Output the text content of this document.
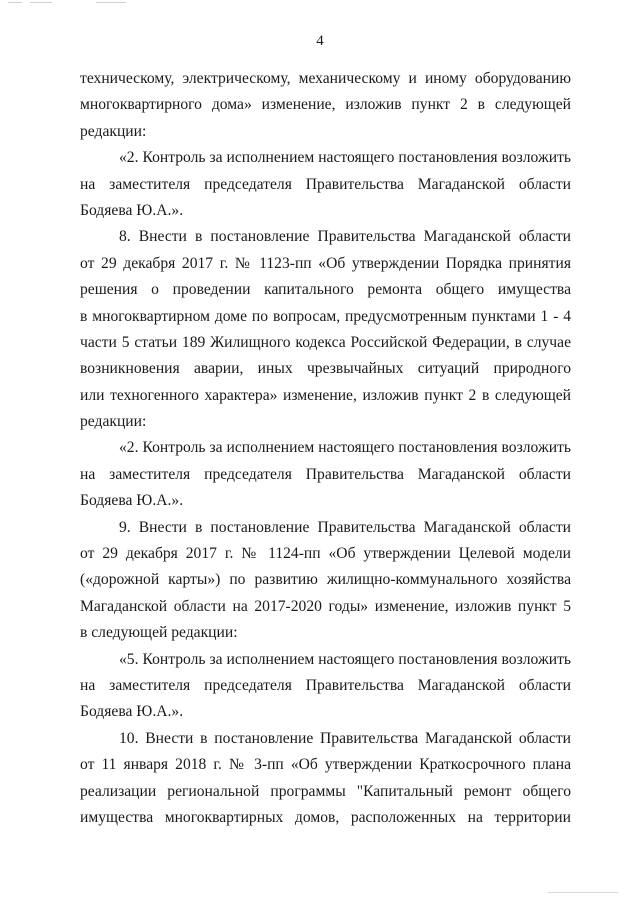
4
техническому, электрическому, механическому и иному оборудованию
многоквартирного дома» изменение, изложив пункт 2 в следующей
редакции:
«2. Контроль за исполнением настоящего постановления возложить
на заместителя председателя Правительства Магаданской области
Бодяева Ю.А.».
8. Внести в постановление Правительства Магаданской области
от 29 декабря 2017 г. № 1123-пп «Об утверждении Порядка принятия
решения о проведении капитального ремонта общего имущества
в многоквартирном доме по вопросам, предусмотренным пунктами 1 - 4
части 5 статьи 189 Жилищного кодекса Российской Федерации, в случае
возникновения аварии, иных чрезвычайных ситуаций природного
или техногенного характера» изменение, изложив пункт 2 в следующей
редакции:
«2. Контроль за исполнением настоящего постановления возложить
на заместителя председателя Правительства Магаданской области
Бодяева Ю.А.».
9. Внести в постановление Правительства Магаданской области
от 29 декабря 2017 г. № 1124-пп «Об утверждении Целевой модели
(«дорожной карты») по развитию жилищно-коммунального хозяйства
Магаданской области на 2017-2020 годы» изменение, изложив пункт 5
в следующей редакции:
«5. Контроль за исполнением настоящего постановления возложить
на заместителя председателя Правительства Магаданской области
Бодяева Ю.А.».
10. Внести в постановление Правительства Магаданской области
от 11 января 2018 г. № 3-пп «Об утверждении Краткосрочного плана
реализации региональной программы "Капитальный ремонт общего
имущества многоквартирных домов, расположенных на территории
